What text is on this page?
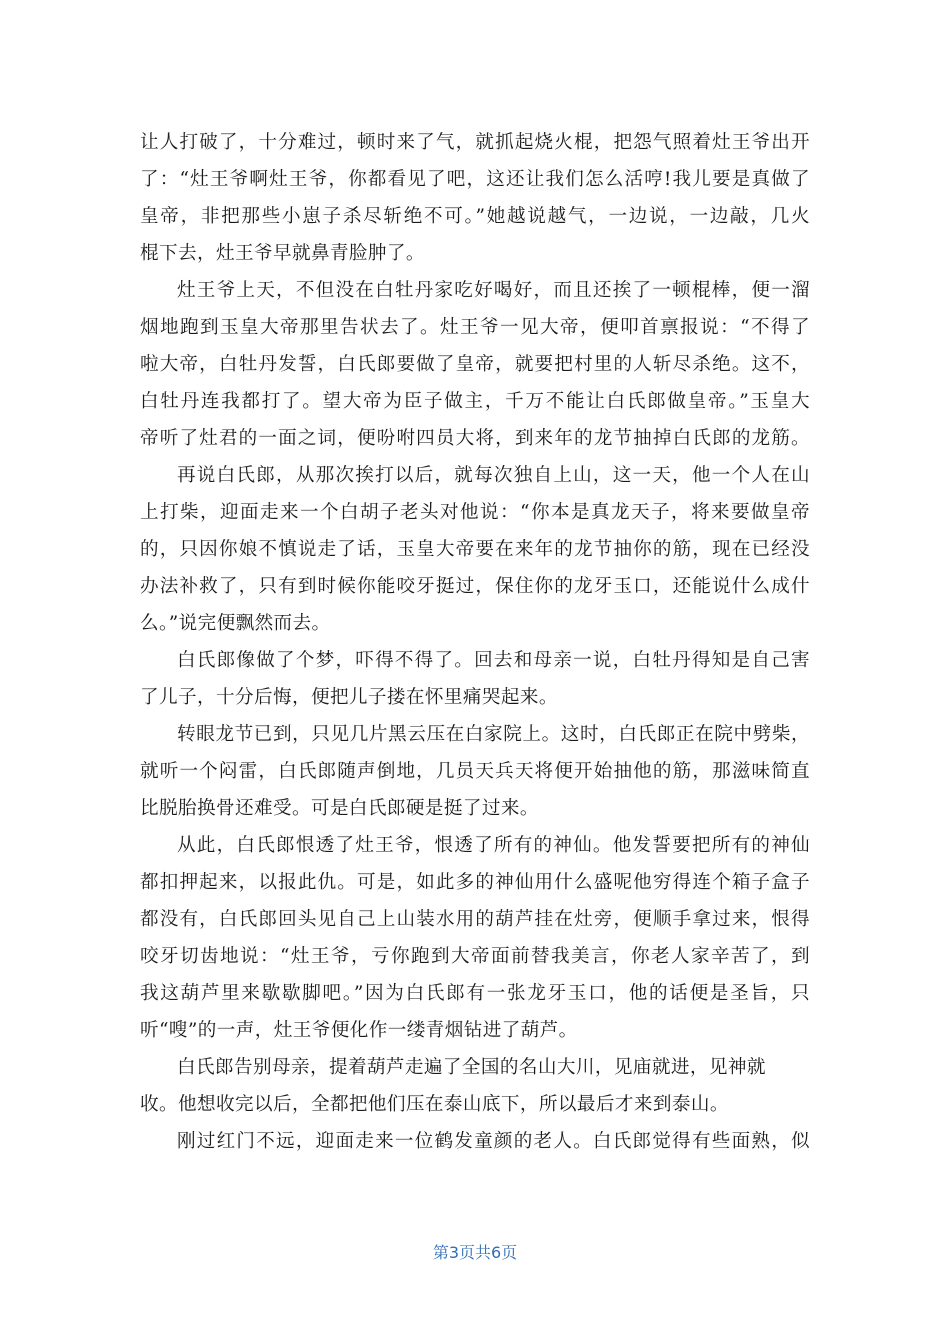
让人打破了，十分难过，顿时来了气，就抓起烧火棍，把怨气照着灶王爷出开
了：“灶王爷啊灶王爷，你都看见了吧，这还让我们怎么活哼!我儿要是真做了
皇帝，非把那些小崽子杀尽斩绝不可。”她越说越气，一边说，一边敲，几火
棍下去，灶王爷早就鼻青脸肿了。
灶王爷上天，不但没在白牡丹家吃好喝好，而且还挨了一顿棍棒，便一溜
烟地跑到玉皇大帝那里告状去了。灶王爷一见大帝，便叩首禀报说：“不得了
啦大帝，白牡丹发誓，白氏郎要做了皇帝，就要把村里的人斩尽杀绝。这不，
白牡丹连我都打了。望大帝为臣子做主，千万不能让白氏郎做皇帝。”玉皇大
帝听了灶君的一面之词，便吩咐四员大将，到来年的龙节抽掉白氏郎的龙筋。
再说白氏郎，从那次挨打以后，就每次独自上山，这一天，他一个人在山
上打柴，迎面走来一个白胡子老头对他说：“你本是真龙天子，将来要做皇帝
的，只因你娘不慎说走了话，玉皇大帝要在来年的龙节抽你的筋，现在已经没
办法补救了，只有到时候你能咬牙挺过，保住你的龙牙玉口，还能说什么成什
么。”说完便飘然而去。
白氏郎像做了个梦，吓得不得了。回去和母亲一说，白牡丹得知是自己害
了儿子，十分后悔，便把儿子搂在怀里痛哭起来。
转眼龙节已到，只见几片黑云压在白家院上。这时，白氏郎正在院中劈柴，
就听一个闷雷，白氏郎随声倒地，几员天兵天将便开始抽他的筋，那滋味简直
比脱胎换骨还难受。可是白氏郎硬是挺了过来。
从此，白氏郎恨透了灶王爷，恨透了所有的神仙。他发誓要把所有的神仙
都扣押起来，以报此仇。可是，如此多的神仙用什么盛呢他穷得连个箱子盒子
都没有，白氏郎回头见自己上山装水用的葫芦挂在灶旁，便顺手拿过来，恨得
咬牙切齿地说：“灶王爷，亏你跑到大帝面前替我美言，你老人家辛苦了，到
我这葫芦里来歇歇脚吧。”因为白氏郎有一张龙牙玉口，他的话便是圣旨，只
听“嗖”的一声，灶王爷便化作一缕青烟钻进了葫芦。
白氏郎告别母亲，提着葫芦走遍了全国的名山大川，见庙就进，见神就
收。他想收完以后，全都把他们压在泰山底下，所以最后才来到泰山。
刚过红门不远，迎面走来一位鹤发童颜的老人。白氏郎觉得有些面熟，似
第3页共6页
